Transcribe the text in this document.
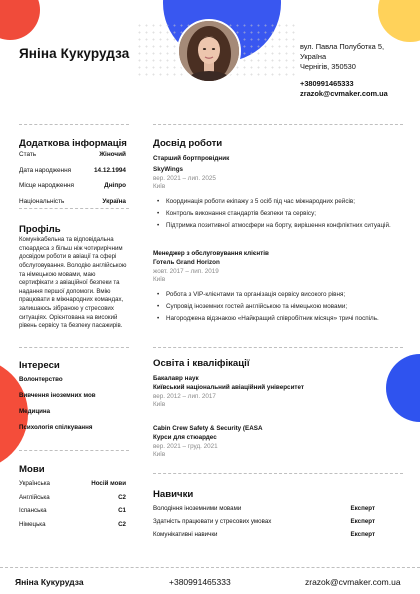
Яніна Кукурудза	вул. Павла Полуботка 5, Україна
Чернігів, 350530
+380991465333
zrazok@cvmaker.com.ua
Додаткова інформація
Стать	Жіночий
Дата народження	14.12.1994
Місце народження	Дніпро
Національність	Україна
Профіль
Комунікабельна та відповідальна стюардеса з більш ніж чотирирічним досвідом роботи в авіації та сфері обслуговування. Володію англійською та німецькою мовами, маю сертифікати з авіаційної безпеки та надання першої допомоги. Вмію працювати в міжнародних командах, залишаюсь зібраною у стресових ситуаціях. Орієнтована на високий рівень сервісу та безпеку пасажирів.
Інтереси
Волонтерство
Вивчення іноземних мов
Медицина
Психологія спілкування
Мови
Українська	Носій мови
Англійська	C2
Іспанська	C1
Німецька	C2
Досвід роботи
Старший бортпровідник
SkyWings
вер. 2021 – лип. 2025
Київ
• Координація роботи екіпажу з 5 осіб під час міжнародних рейсів;
• Контроль виконання стандартів безпеки та сервісу;
• Підтримка позитивної атмосфери на борту, вирішення конфліктних ситуацій.
Менеджер з обслуговування клієнтів
Готель Grand Horizon
жовт. 2017 – лип. 2019
Київ
• Робота з VIP-клієнтами та організація сервісу високого рівня;
• Супровід іноземних гостей англійською та німецькою мовами;
• Нагороджена відзнакою «Найкращий співробітник місяця» тричі поспіль.
Освіта і кваліфікації
Бакалавр наук
Київський національний авіаційний університет
вер. 2012 – лип. 2017
Київ
Cabin Crew Safety & Security (EASA
Курси для стюардес
вер. 2021 – груд. 2021
Київ
Навички
Володіння іноземними мовами	Експерт
Здатність працювати у стресових умовах	Експерт
Комунікативні навички	Експерт
Яніна Кукурудза	+380991465333	zrazok@cvmaker.com.ua
